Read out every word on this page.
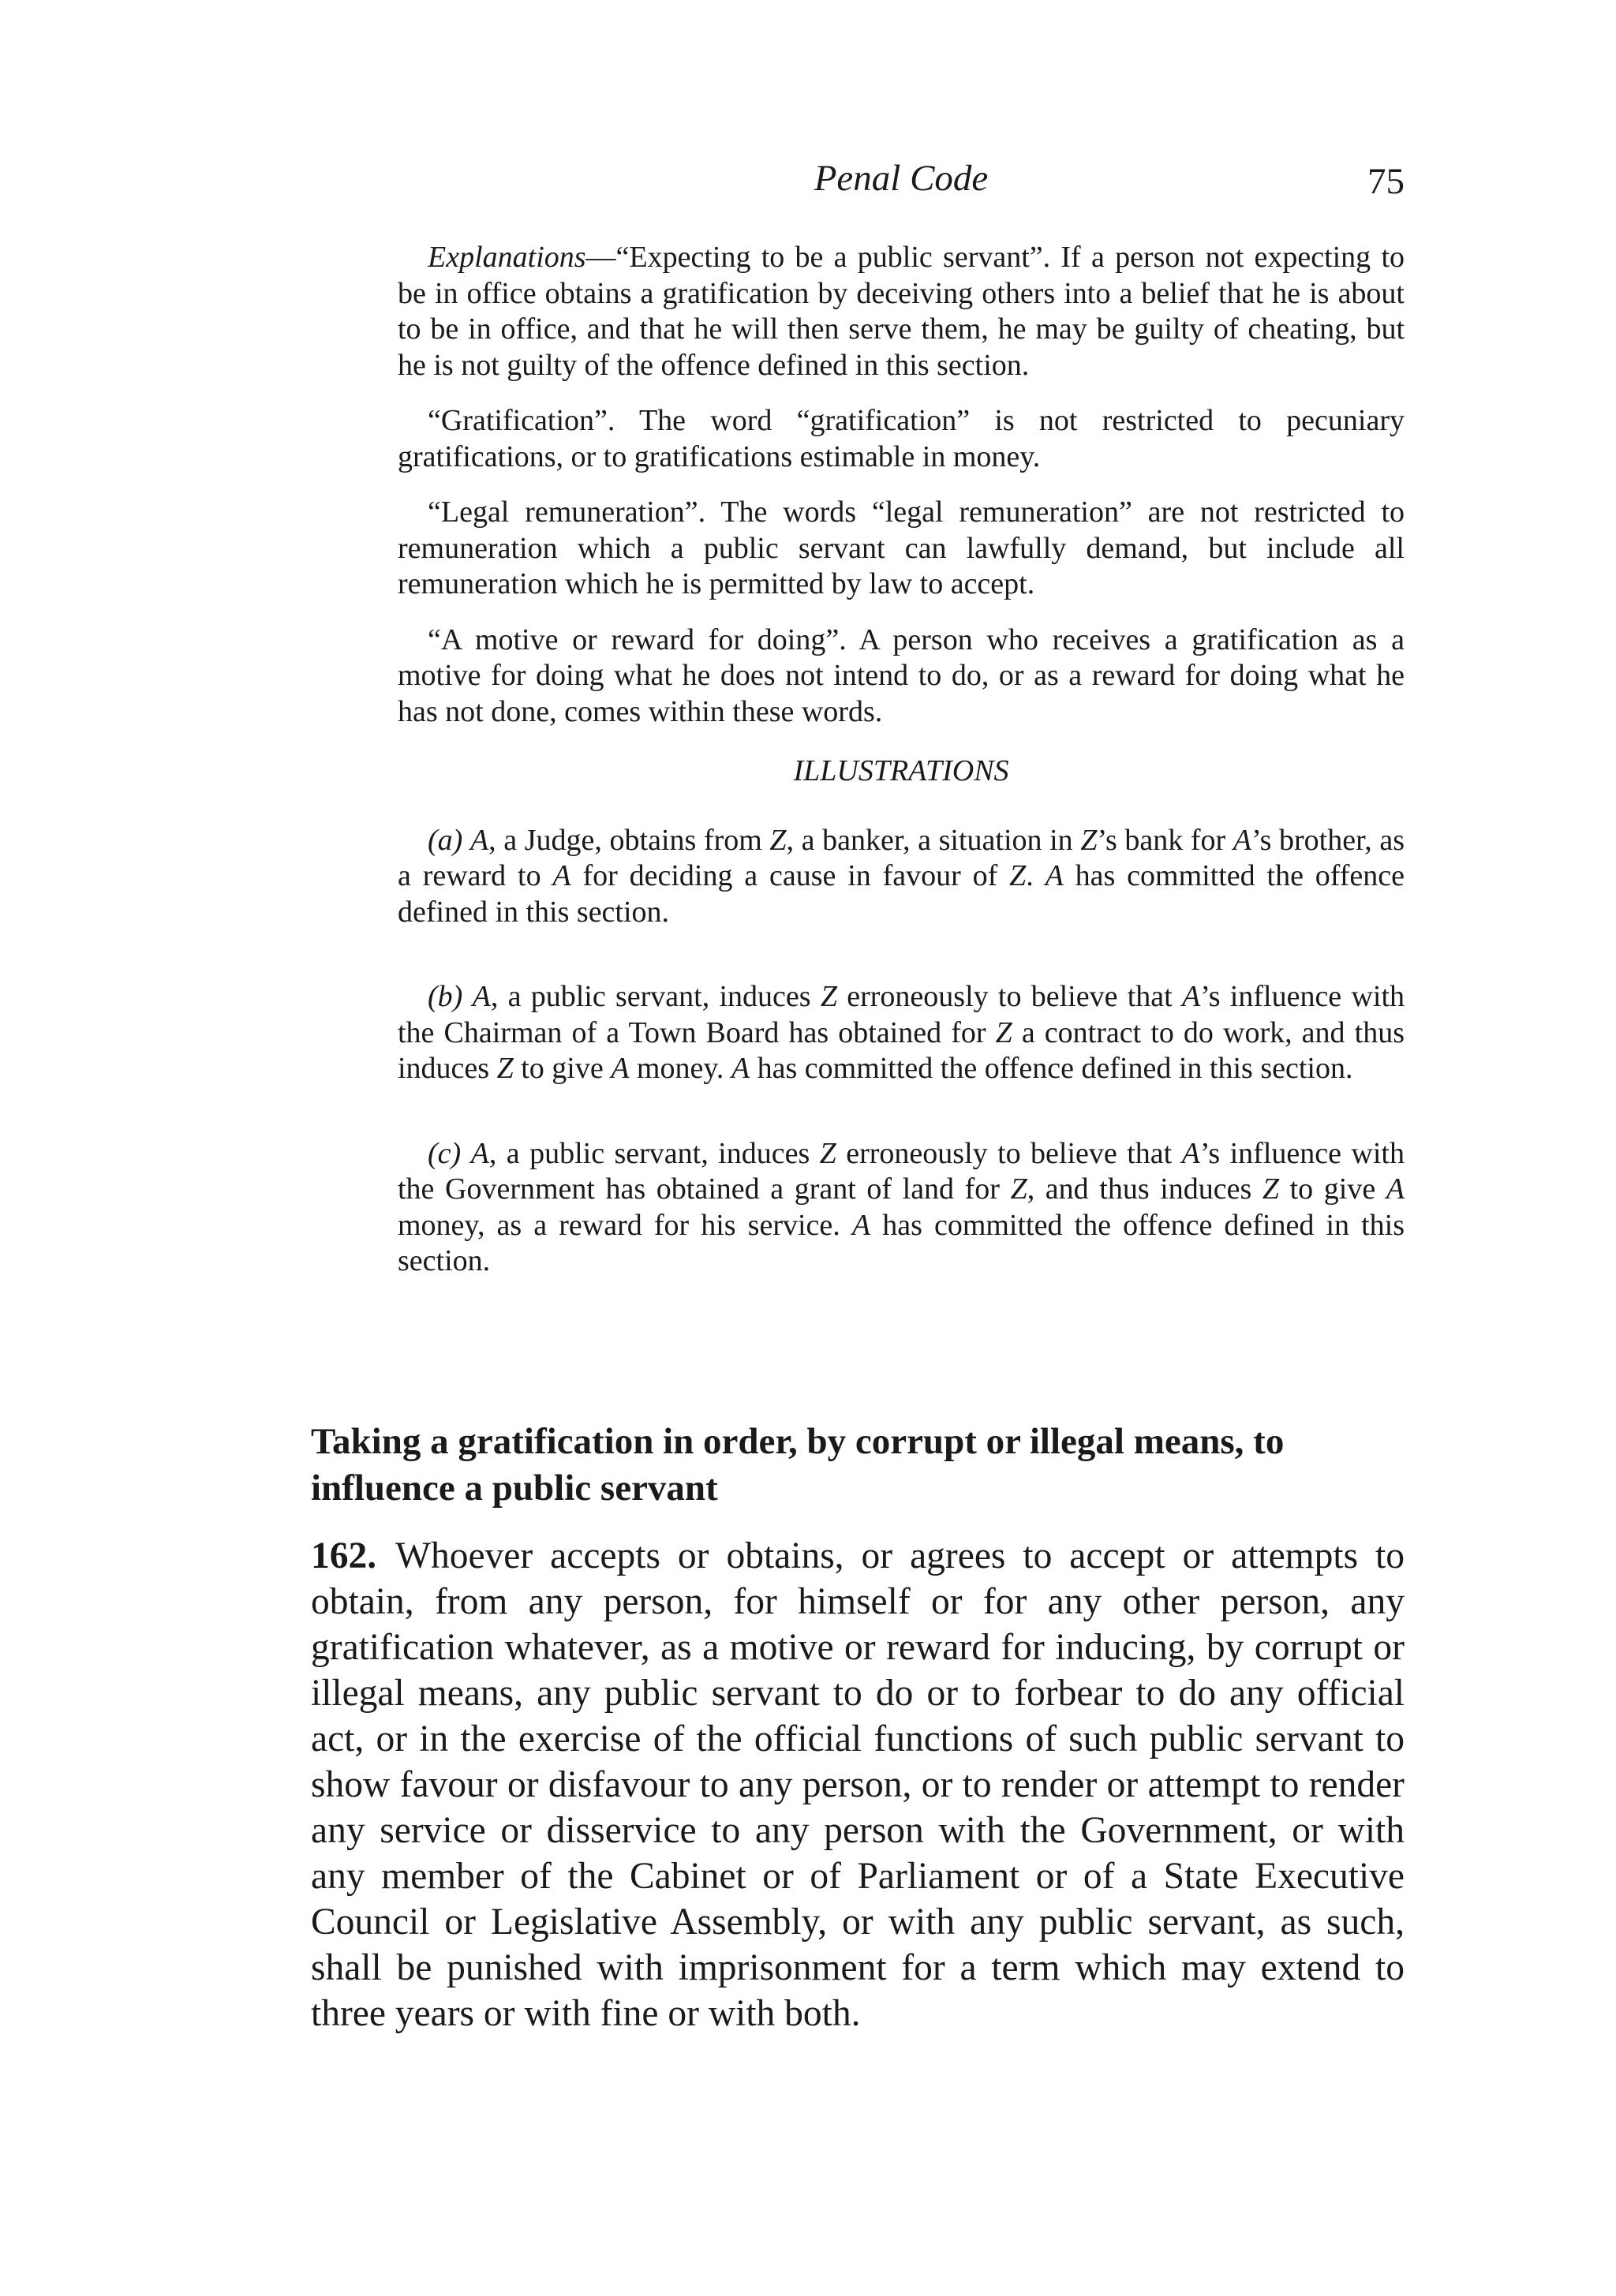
Penal Code	75

Explanations—“Expecting to be a public servant”. If a person not expecting to be in office obtains a gratification by deceiving others into a belief that he is about to be in office, and that he will then serve them, he may be guilty of cheating, but he is not guilty of the offence defined in this section.

“Gratification”. The word “gratification” is not restricted to pecuniary gratifications, or to gratifications estimable in money.

“Legal remuneration”. The words “legal remuneration” are not restricted to remuneration which a public servant can lawfully demand, but include all remuneration which he is permitted by law to accept.

“A motive or reward for doing”. A person who receives a gratification as a motive for doing what he does not intend to do, or as a reward for doing what he has not done, comes within these words.

ILLUSTRATIONS

(a) A, a Judge, obtains from Z, a banker, a situation in Z’s bank for A’s brother, as a reward to A for deciding a cause in favour of Z. A has committed the offence defined in this section.

(b) A, a public servant, induces Z erroneously to believe that A’s influence with the Chairman of a Town Board has obtained for Z a contract to do work, and thus induces Z to give A money. A has committed the offence defined in this section.

(c) A, a public servant, induces Z erroneously to believe that A’s influence with the Government has obtained a grant of land for Z, and thus induces Z to give A money, as a reward for his service. A has committed the offence defined in this section.

Taking a gratification in order, by corrupt or illegal means, to influence a public servant

162. Whoever accepts or obtains, or agrees to accept or attempts to obtain, from any person, for himself or for any other person, any gratification whatever, as a motive or reward for inducing, by corrupt or illegal means, any public servant to do or to forbear to do any official act, or in the exercise of the official functions of such public servant to show favour or disfavour to any person, or to render or attempt to render any service or disservice to any person with the Government, or with any member of the Cabinet or of Parliament or of a State Executive Council or Legislative Assembly, or with any public servant, as such, shall be punished with imprisonment for a term which may extend to three years or with fine or with both.
